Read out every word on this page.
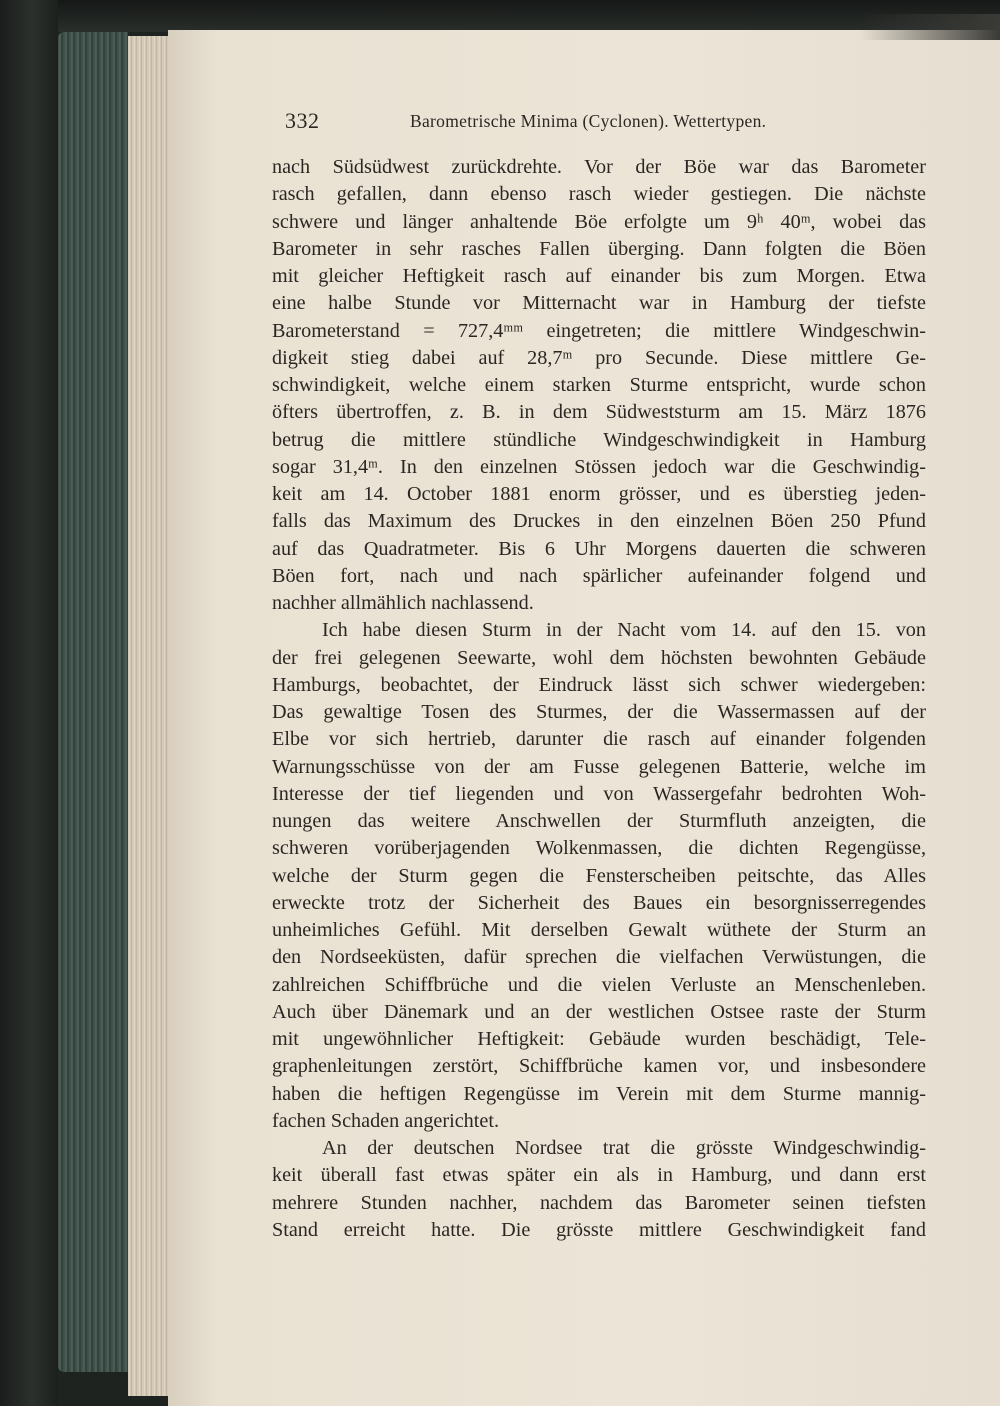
332	Barometrische Minima (Cyclonen). Wettertypen.
nach Südsüdwest zurückdrehte. Vor der Böe war das Barometer
rasch gefallen, dann ebenso rasch wieder gestiegen. Die nächste
schwere und länger anhaltende Böe erfolgte um 9ʰ 40ᵐ, wobei das
Barometer in sehr rasches Fallen überging. Dann folgten die Böen
mit gleicher Heftigkeit rasch auf einander bis zum Morgen. Etwa
eine halbe Stunde vor Mitternacht war in Hamburg der tiefste
Barometerstand = 727,4ᵐᵐ eingetreten; die mittlere Windgeschwin-
digkeit stieg dabei auf 28,7ᵐ pro Secunde. Diese mittlere Ge-
schwindigkeit, welche einem starken Sturme entspricht, wurde schon
öfters übertroffen, z. B. in dem Südweststurm am 15. März 1876
betrug die mittlere stündliche Windgeschwindigkeit in Hamburg
sogar 31,4ᵐ. In den einzelnen Stössen jedoch war die Geschwindig-
keit am 14. October 1881 enorm grösser, und es überstieg jeden-
falls das Maximum des Druckes in den einzelnen Böen 250 Pfund
auf das Quadratmeter. Bis 6 Uhr Morgens dauerten die schweren
Böen fort, nach und nach spärlicher aufeinander folgend und
nachher allmählich nachlassend.
Ich habe diesen Sturm in der Nacht vom 14. auf den 15. von
der frei gelegenen Seewarte, wohl dem höchsten bewohnten Gebäude
Hamburgs, beobachtet, der Eindruck lässt sich schwer wiedergeben:
Das gewaltige Tosen des Sturmes, der die Wassermassen auf der
Elbe vor sich hertrieb, darunter die rasch auf einander folgenden
Warnungsschüsse von der am Fusse gelegenen Batterie, welche im
Interesse der tief liegenden und von Wassergefahr bedrohten Woh-
nungen das weitere Anschwellen der Sturmfluth anzeigten, die
schweren vorüberjagenden Wolkenmassen, die dichten Regengüsse,
welche der Sturm gegen die Fensterscheiben peitschte, das Alles
erweckte trotz der Sicherheit des Baues ein besorgnisserregendes
unheimliches Gefühl. Mit derselben Gewalt wüthete der Sturm an
den Nordseeküsten, dafür sprechen die vielfachen Verwüstungen, die
zahlreichen Schiffbrüche und die vielen Verluste an Menschenleben.
Auch über Dänemark und an der westlichen Ostsee raste der Sturm
mit ungewöhnlicher Heftigkeit: Gebäude wurden beschädigt, Tele-
graphenleitungen zerstört, Schiffbrüche kamen vor, und insbesondere
haben die heftigen Regengüsse im Verein mit dem Sturme mannig-
fachen Schaden angerichtet.
An der deutschen Nordsee trat die grösste Windgeschwindig-
keit überall fast etwas später ein als in Hamburg, und dann erst
mehrere Stunden nachher, nachdem das Barometer seinen tiefsten
Stand erreicht hatte. Die grösste mittlere Geschwindigkeit fand
